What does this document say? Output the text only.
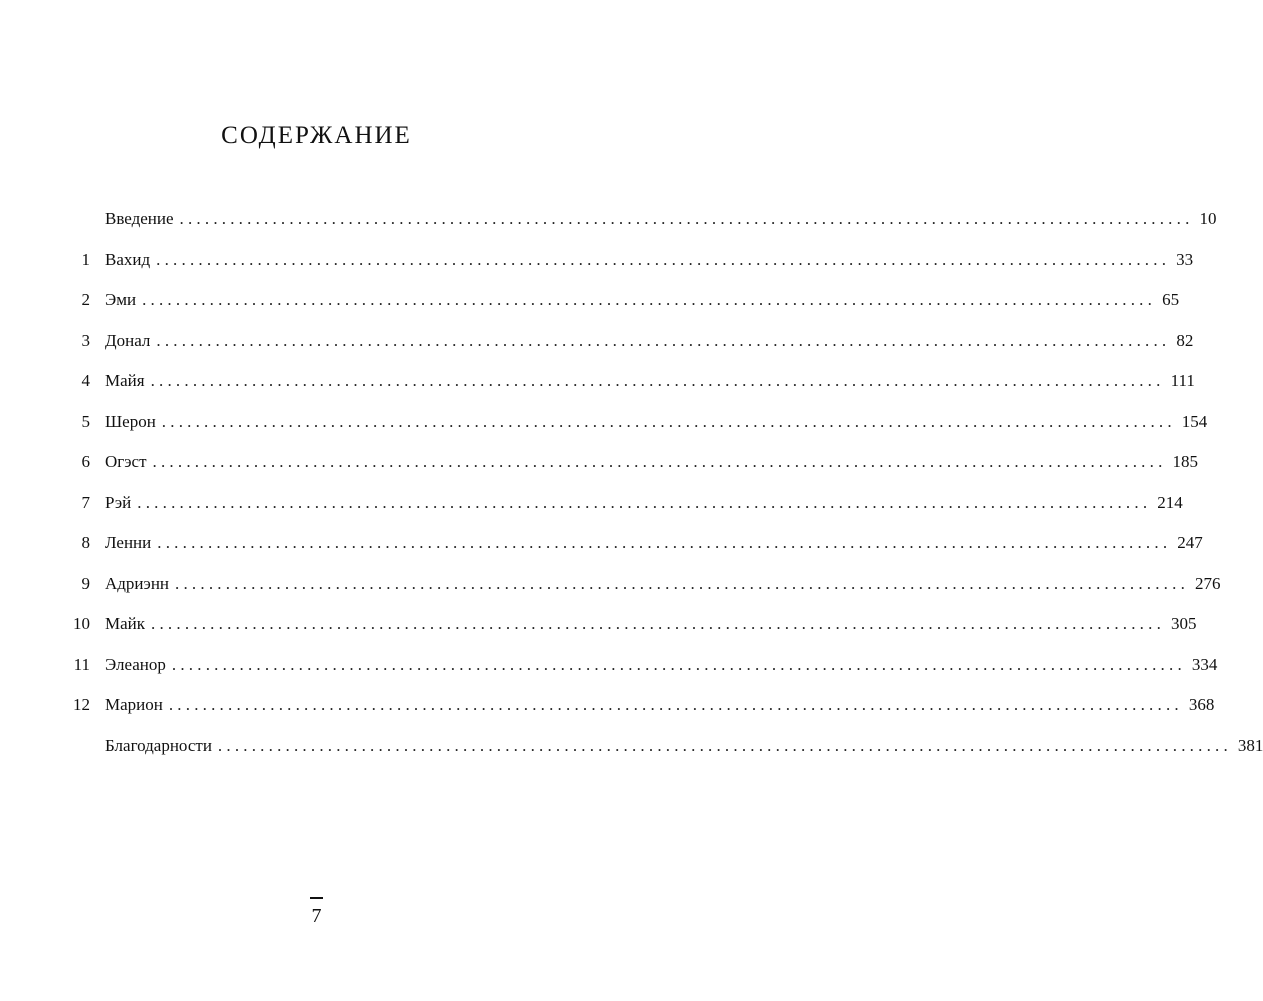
СОДЕРЖАНИЕ
Введение ........................................................................................................................ 10
1 Вахид ........................................................................................................................ 33
2 Эми ........................................................................................................................ 65
3 Донал ........................................................................................................................ 82
4 Майя ........................................................................................................................ 111
5 Шерон ........................................................................................................................ 154
6 Огэст ........................................................................................................................ 185
7 Рэй ........................................................................................................................ 214
8 Ленни ........................................................................................................................ 247
9 Адриэнн ........................................................................................................................ 276
10 Майк ........................................................................................................................ 305
11 Элеанор ........................................................................................................................ 334
12 Марион ........................................................................................................................ 368
Благодарности ........................................................................................................................ 381
7
